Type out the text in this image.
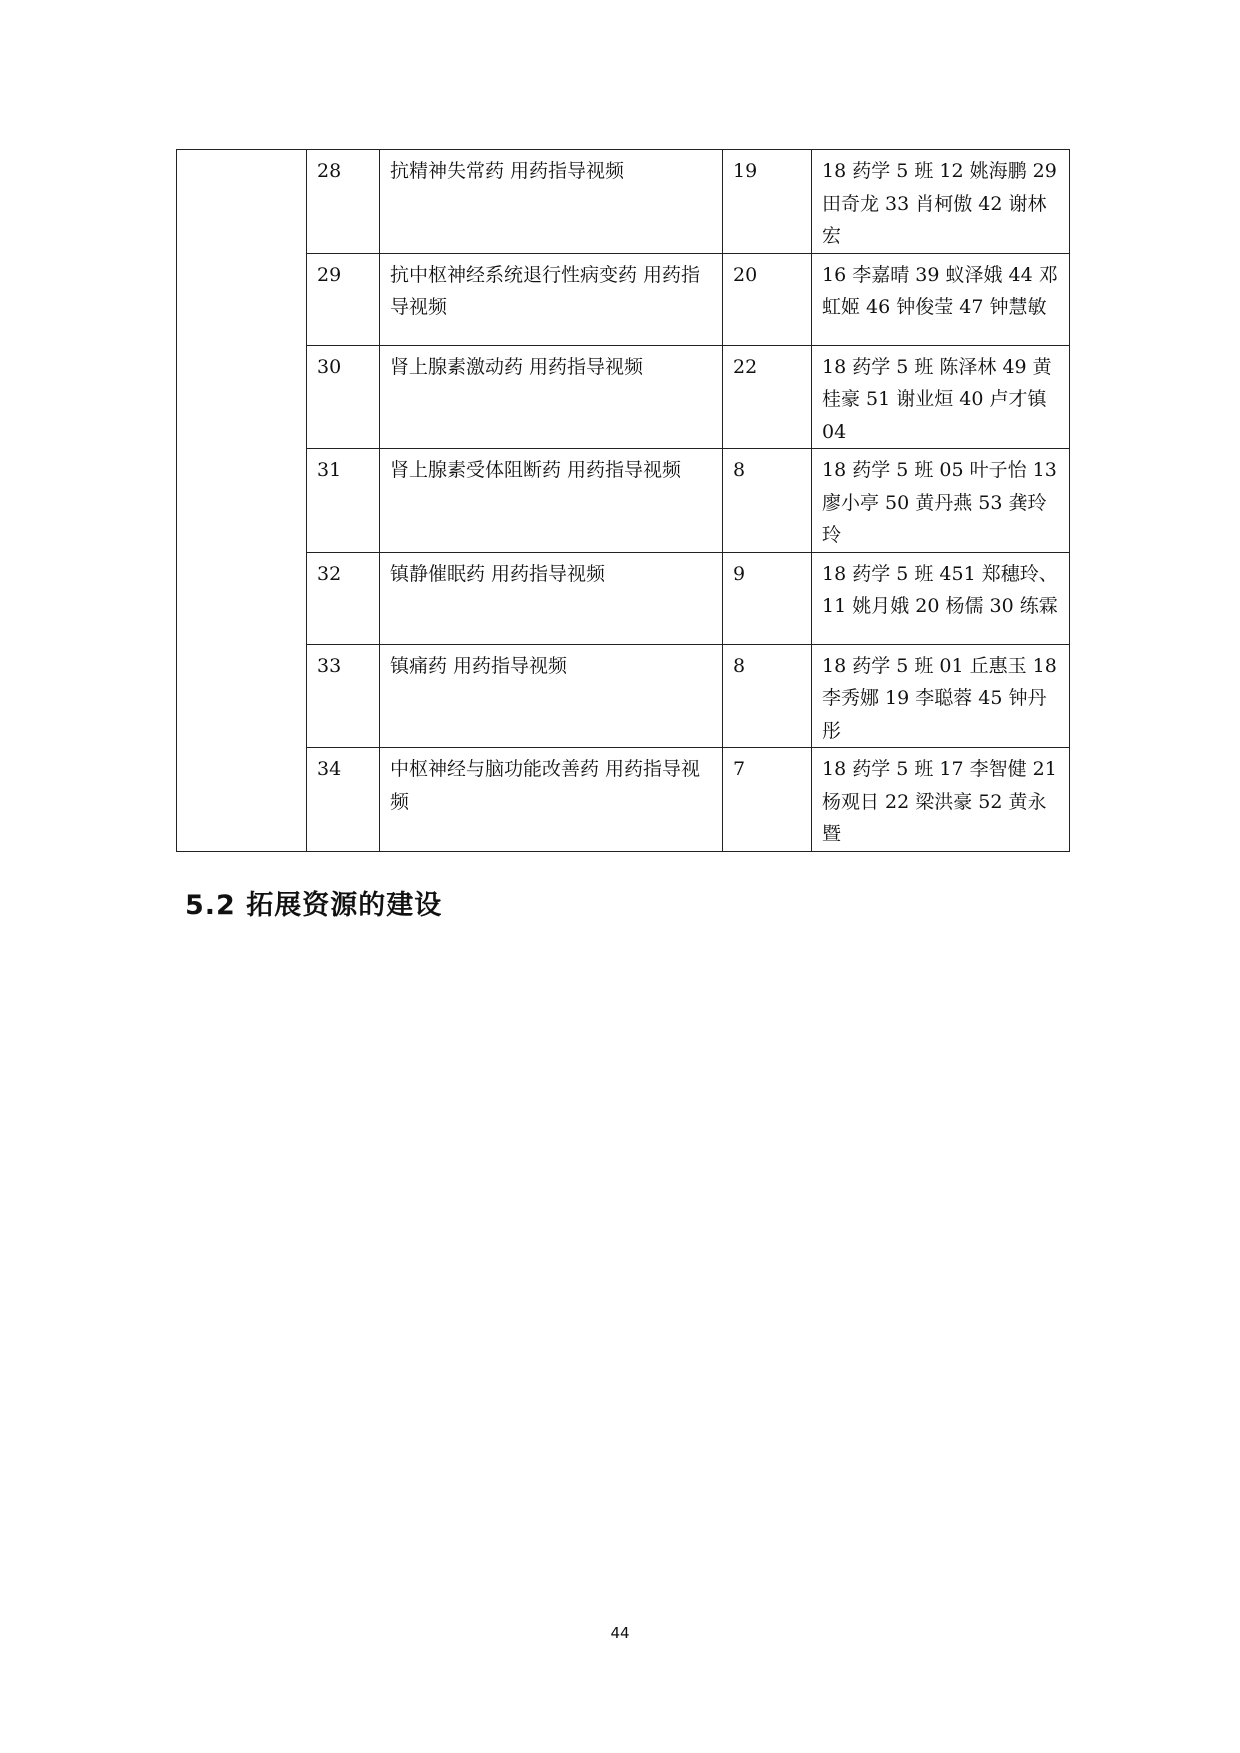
	28	抗精神失常药 用药指导视频	19	18 药学 5 班 12 姚海鹏 29 田奇龙 33 肖柯傲 42 谢林宏
	29	抗中枢神经系统退行性病变药 用药指导视频	20	16 李嘉晴 39 蚁泽娥 44 邓虹姬 46 钟俊莹 47 钟慧敏
	30	肾上腺素激动药 用药指导视频	22	18 药学 5 班 陈泽林 49 黄桂豪 51 谢业烜 40 卢才镇 04
	31	肾上腺素受体阻断药 用药指导视频	8	18 药学 5 班 05 叶子怡 13 廖小亭 50 黄丹燕 53 龚玲玲
	32	镇静催眠药 用药指导视频	9	18 药学 5 班 451 郑穗玲、11 姚月娥 20 杨儒 30 练霖
	33	镇痛药 用药指导视频	8	18 药学 5 班 01 丘惠玉 18 李秀娜 19 李聪蓉 45 钟丹彤
	34	中枢神经与脑功能改善药 用药指导视频	7	18 药学 5 班 17 李智健 21 杨观日 22 梁洪豪 52 黄永暨
5.2 拓展资源的建设
44
